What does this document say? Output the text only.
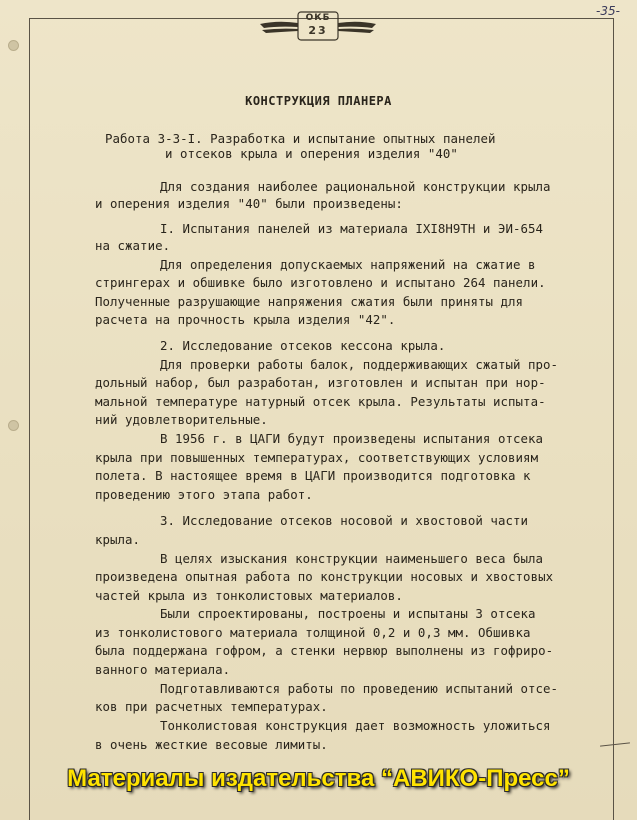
-35-
ОКБ
23
КОНСТРУКЦИЯ ПЛАНЕРА
Работа 3-3-I. Разработка и испытание опытных панелей
и отсеков крыла и оперения изделия "40"
Для создания наиболее рациональной конструкции крыла
и оперения изделия "40" были произведены:
I. Испытания панелей из материала IXI8Н9ТН и ЭИ-654
на сжатие.
Для определения допускаемых напряжений на сжатие в
стрингерах и обшивке было изготовлено и испытано 264 панели.
Полученные разрушающие напряжения сжатия были приняты для
расчета на прочность крыла изделия "42".
2. Исследование отсеков кессона крыла.
Для проверки работы балок, поддерживающих сжатый про-
дольный набор, был разработан, изготовлен и испытан при нор-
мальной температуре натурный отсек крыла. Результаты испыта-
ний удовлетворительные.
В 1956 г. в ЦАГИ будут произведены испытания отсека
крыла при повышенных температурах, соответствующих условиям
полета. В настоящее время в ЦАГИ производится подготовка к
проведению этого этапа работ.
3. Исследование отсеков носовой и хвостовой части
крыла.
В целях изыскания конструкции наименьшего веса была
произведена опытная работа по конструкции носовых и хвостовых
частей крыла из тонколистовых материалов.
Были спроектированы, построены и испытаны 3 отсека
из тонколистового материала толщиной 0,2 и 0,3 мм. Обшивка
была поддержана гофром, а стенки нервюр выполнены из гофриро-
ванного материала.
Подготавливаются работы по проведению испытаний отсе-
ков при расчетных температурах.
Тонколистовая конструкция дает возможность уложиться
в очень жесткие весовые лимиты.
Материалы издательства “АВИКО-Пресс”
